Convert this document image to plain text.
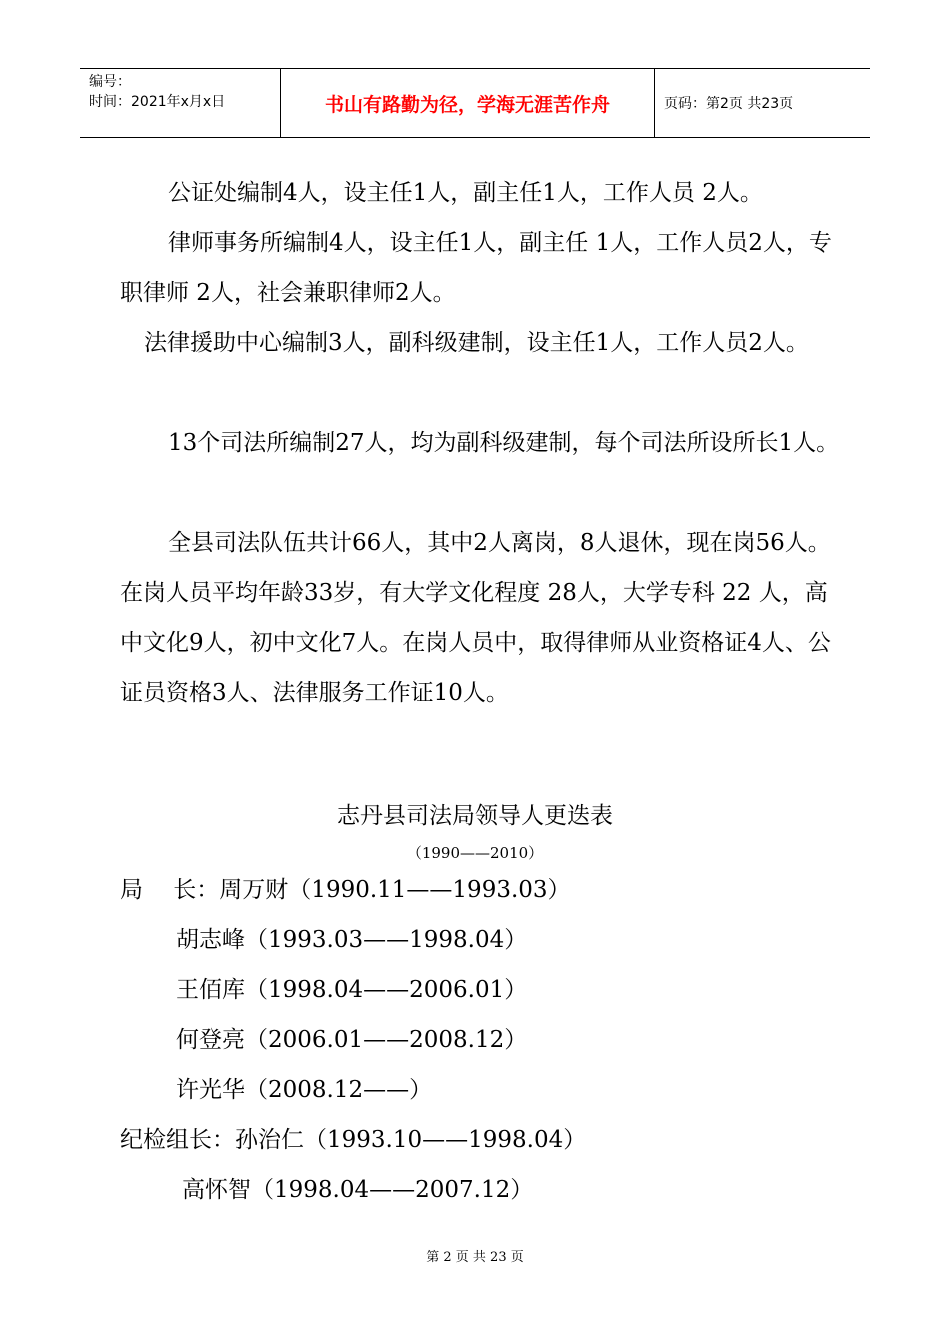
编号：
时间：2021年x月x日	书山有路勤为径，学海无涯苦作舟	页码：第2页 共23页

公证处编制4人，设主任1人，副主任1人，工作人员 2人。

律师事务所编制4人，设主任1人，副主任 1人，工作人员2人，专职律师 2人，社会兼职律师2人。

法律援助中心编制3人，副科级建制，设主任1人，工作人员2人。

13个司法所编制27人，均为副科级建制，每个司法所设所长1人。

全县司法队伍共计66人，其中2人离岗，8人退休，现在岗56人。在岗人员平均年龄33岁，有大学文化程度 28人，大学专科 22 人，高中文化9人，初中文化7人。在岗人员中，取得律师从业资格证4人、公证员资格3人、法律服务工作证10人。

志丹县司法局领导人更迭表
（1990——2010）
局　 长：周万财（1990.11——1993.03）
胡志峰（1993.03——1998.04）
王佰库（1998.04——2006.01）
何登亮（2006.01——2008.12）
许光华（2008.12——）
纪检组长：孙治仁（1993.10——1998.04）
高怀智（1998.04——2007.12）
第 2 页 共 23 页
